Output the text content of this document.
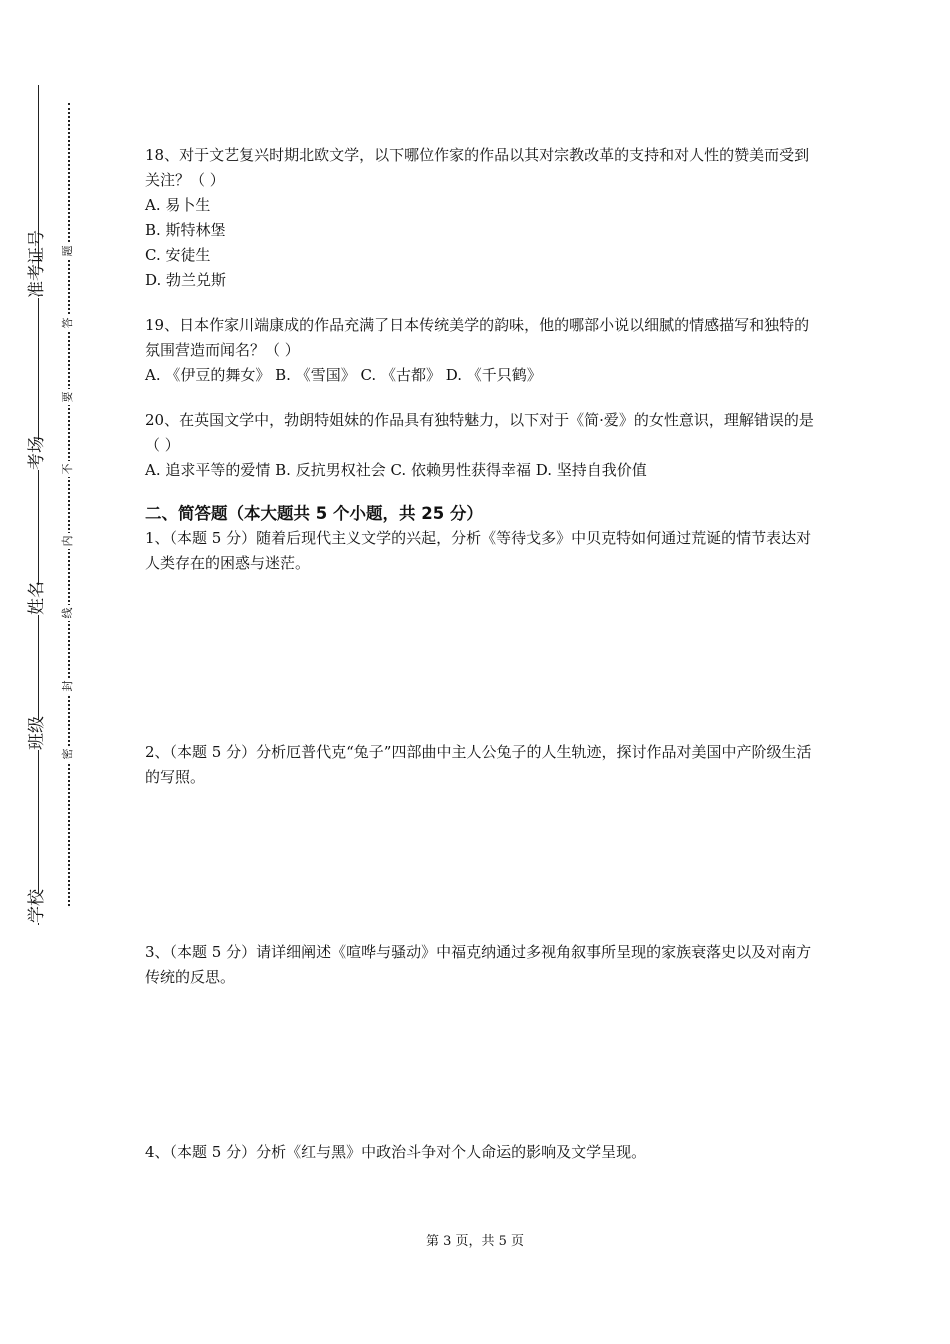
准考证号
考场
姓名
班级
学校
题
答
要
不
内
线
封
密

18、对于文艺复兴时期北欧文学，以下哪位作家的作品以其对宗教改革的支持和对人性的赞美而受到关注？（ ）

A. 易卜生

B. 斯特林堡

C. 安徒生

D. 勃兰兑斯

19、日本作家川端康成的作品充满了日本传统美学的韵味，他的哪部小说以细腻的情感描写和独特的氛围营造而闻名？（ ）

A. 《伊豆的舞女》 B. 《雪国》 C. 《古都》 D. 《千只鹤》

20、在英国文学中，勃朗特姐妹的作品具有独特魅力，以下对于《简·爱》的女性意识，理解错误的是（ ）

A. 追求平等的爱情 B. 反抗男权社会 C. 依赖男性获得幸福 D. 坚持自我价值

二、简答题（本大题共 5 个小题，共 25 分）

1、（本题 5 分）随着后现代主义文学的兴起，分析《等待戈多》中贝克特如何通过荒诞的情节表达对人类存在的困惑与迷茫。

2、（本题 5 分）分析厄普代克“兔子”四部曲中主人公兔子的人生轨迹，探讨作品对美国中产阶级生活的写照。

3、（本题 5 分）请详细阐述《喧哗与骚动》中福克纳通过多视角叙事所呈现的家族衰落史以及对南方传统的反思。

4、（本题 5 分）分析《红与黑》中政治斗争对个人命运的影响及文学呈现。

第 3 页，共 5 页
